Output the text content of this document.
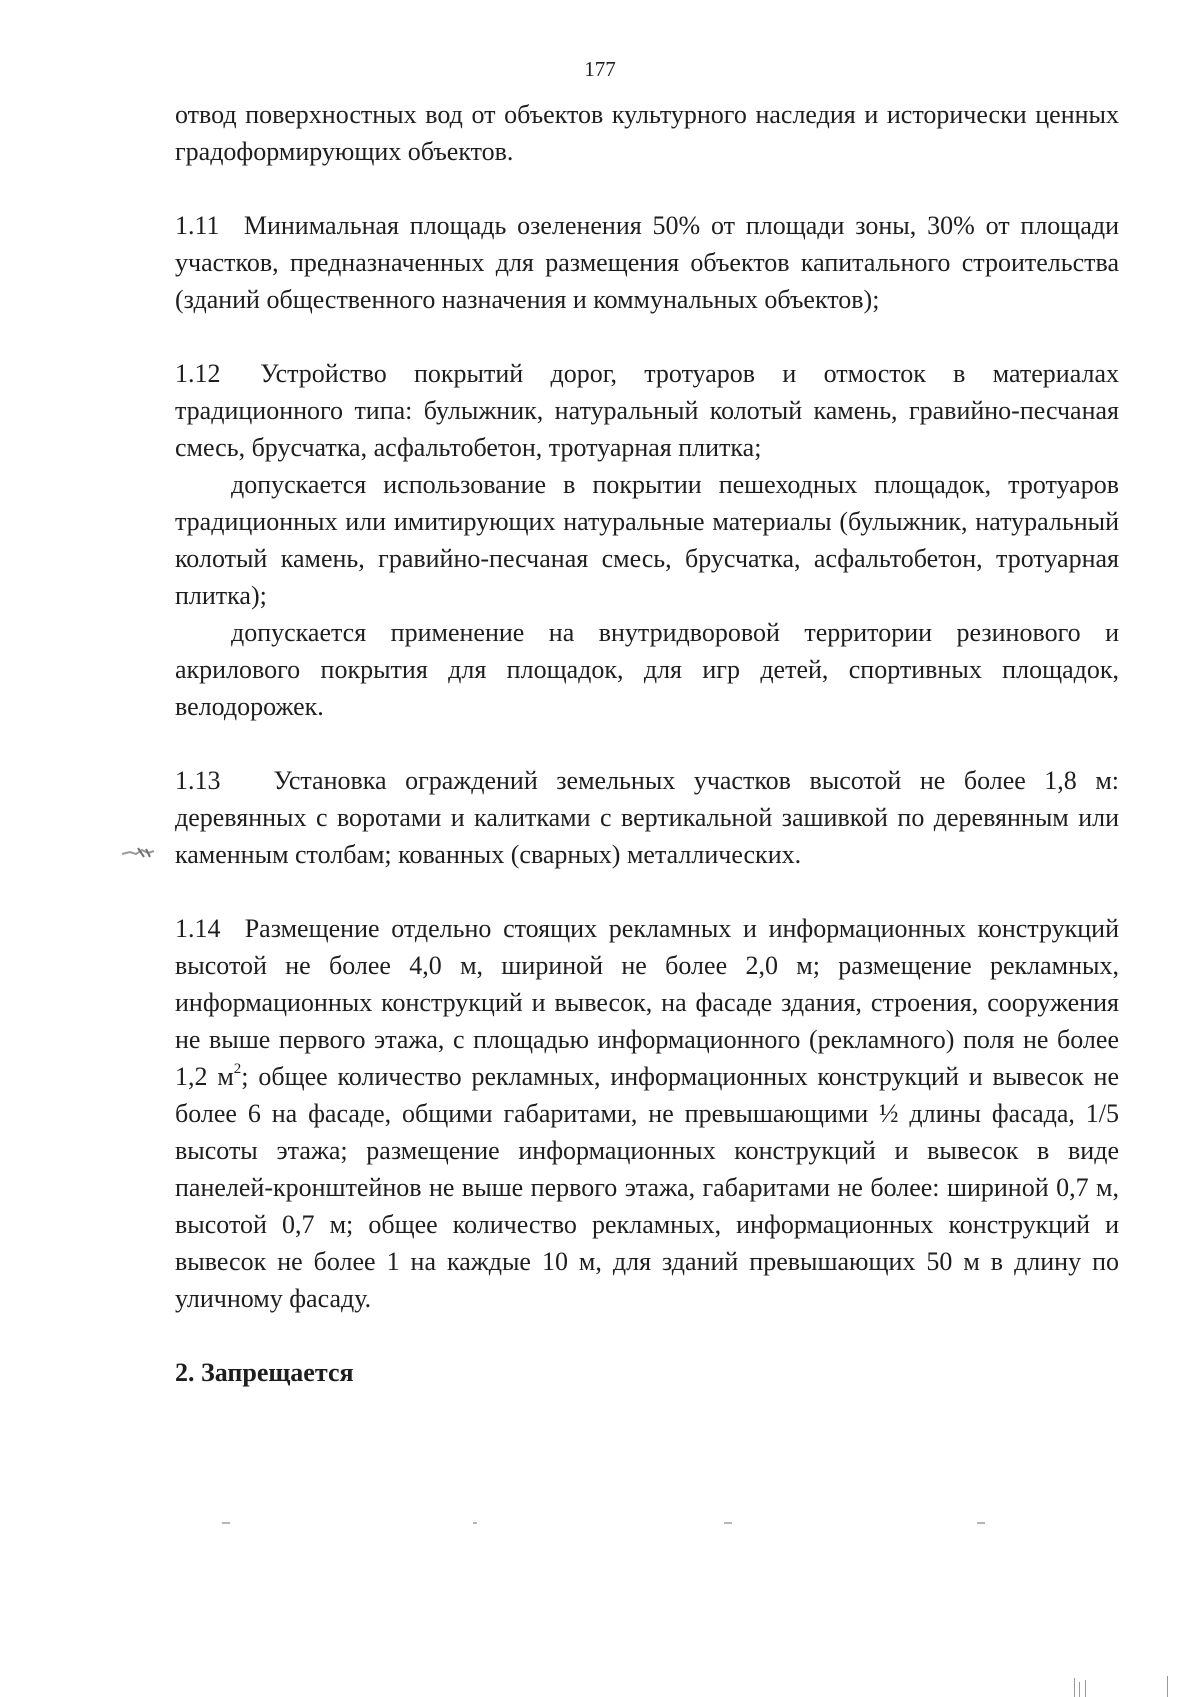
177

отвод поверхностных вод от объектов культурного наследия и исторически ценных градоформирующих объектов.

1.11 Минимальная площадь озеленения 50% от площади зоны, 30% от площади участков, предназначенных для размещения объектов капитального строительства (зданий общественного назначения и коммунальных объектов);

1.12 Устройство покрытий дорог, тротуаров и отмосток в материалах традиционного типа: булыжник, натуральный колотый камень, гравийно-песчаная смесь, брусчатка, асфальтобетон, тротуарная плитка;

допускается использование в покрытии пешеходных площадок, тротуаров традиционных или имитирующих натуральные материалы (булыжник, натуральный колотый камень, гравийно-песчаная смесь, брусчатка, асфальтобетон, тротуарная плитка);

допускается применение на внутридворовой территории резинового и акрилового покрытия для площадок, для игр детей, спортивных площадок, велодорожек.

1.13 Установка ограждений земельных участков высотой не более 1,8 м: деревянных с воротами и калитками с вертикальной зашивкой по деревянным или каменным столбам; кованных (сварных) металлических.

1.14 Размещение отдельно стоящих рекламных и информационных конструкций высотой не более 4,0 м, шириной не более 2,0 м; размещение рекламных, информационных конструкций и вывесок, на фасаде здания, строения, сооружения не выше первого этажа, с площадью информационного (рекламного) поля не более 1,2 $м^2$; общее количество рекламных, информационных конструкций и вывесок не более 6 на фасаде, общими габаритами, не превышающими ½ длины фасада, 1/5 высоты этажа; размещение информационных конструкций и вывесок в виде панелей-кронштейнов не выше первого этажа, габаритами не более: шириной 0,7 м, высотой 0,7 м; общее количество рекламных, информационных конструкций и вывесок не более 1 на каждые 10 м, для зданий превышающих 50 м в длину по уличному фасаду.

2. Запрещается
